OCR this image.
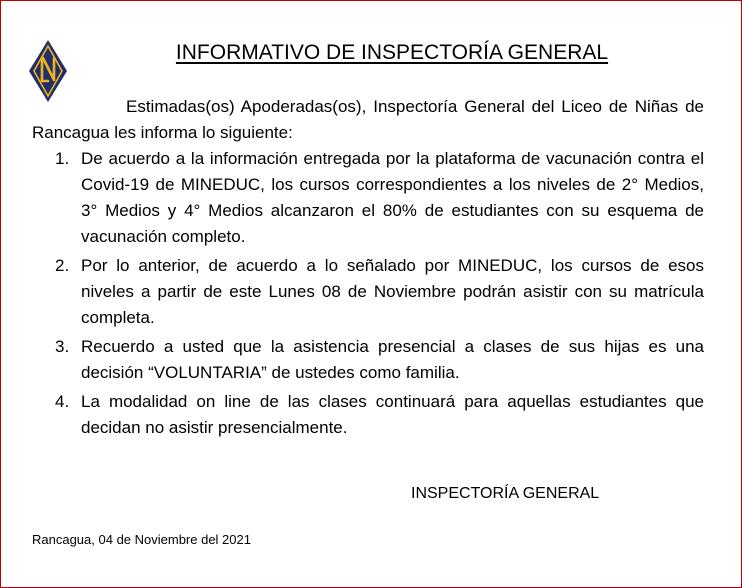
INFORMATIVO DE INSPECTORÍA GENERAL

Estimadas(os) Apoderadas(os), Inspectoría General del Liceo de Niñas de Rancagua les informa lo siguiente:

1. De acuerdo a la información entregada por la plataforma de vacunación contra el Covid-19 de MINEDUC, los cursos correspondientes a los niveles de 2° Medios, 3° Medios y 4° Medios alcanzaron el 80% de estudiantes con su esquema de vacunación completo.
2. Por lo anterior, de acuerdo a lo señalado por MINEDUC, los cursos de esos niveles a partir de este Lunes 08 de Noviembre podrán asistir con su matrícula completa.
3. Recuerdo a usted que la asistencia presencial a clases de sus hijas es una decisión “VOLUNTARIA” de ustedes como familia.
4. La modalidad on line de las clases continuará para aquellas estudiantes que decidan no asistir presencialmente.
INSPECTORÍA GENERAL
Rancagua, 04 de Noviembre del 2021
